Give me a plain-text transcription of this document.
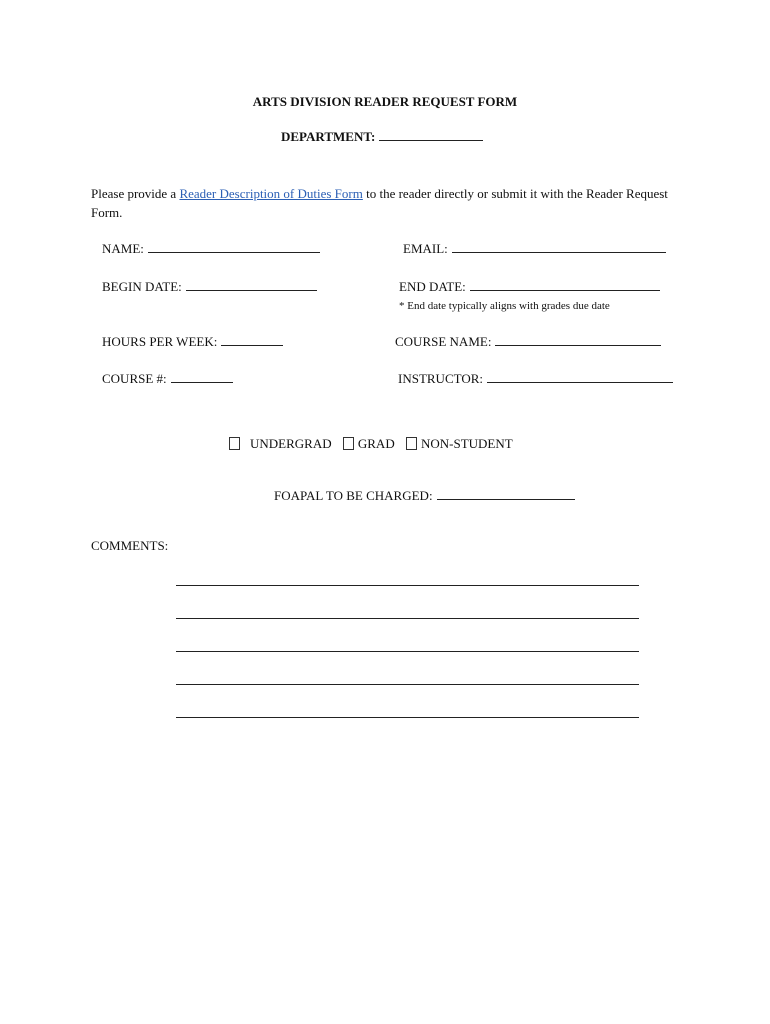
ARTS DIVISION READER REQUEST FORM
DEPARTMENT:
Please provide a Reader Description of Duties Form to the reader directly or submit it with the Reader Request Form.
NAME:	EMAIL:
BEGIN DATE:	END DATE:
* End date typically aligns with grades due date
HOURS PER WEEK:	COURSE NAME:
COURSE #:	INSTRUCTOR:
UNDERGRAD GRAD NON-STUDENT
FOAPAL TO BE CHARGED:
COMMENTS:
